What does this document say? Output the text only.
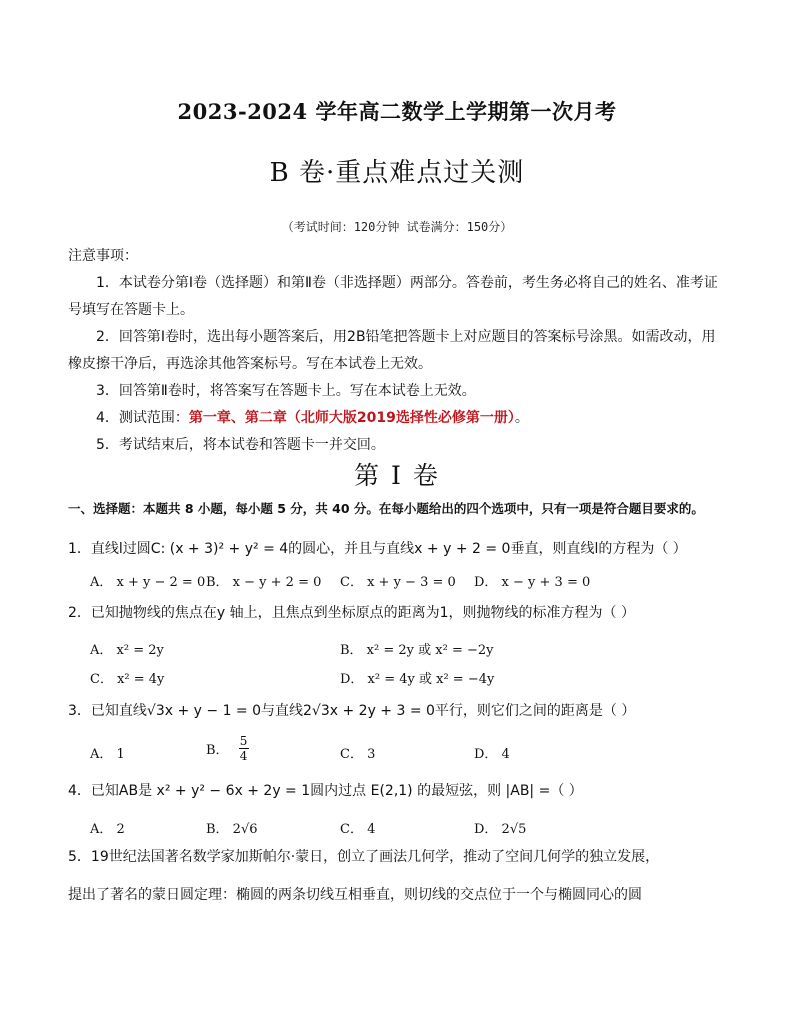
2023-2024 学年高二数学上学期第一次月考
B 卷·重点难点过关测
（考试时间：120分钟 试卷满分：150分）
注意事项：
1．本试卷分第Ⅰ卷（选择题）和第Ⅱ卷（非选择题）两部分。答卷前，考生务必将自己的姓名、准考证号填写在答题卡上。
2．回答第Ⅰ卷时，选出每小题答案后，用2B铅笔把答题卡上对应题目的答案标号涂黑。如需改动，用橡皮擦干净后，再选涂其他答案标号。写在本试卷上无效。
3．回答第Ⅱ卷时，将答案写在答题卡上。写在本试卷上无效。
4．测试范围：第一章、第二章（北师大版2019选择性必修第一册）。
5．考试结束后，将本试卷和答题卡一并交回。
第 I 卷
一、选择题：本题共 8 小题，每小题 5 分，共 40 分。在每小题给出的四个选项中，只有一项是符合题目要求的。
1．直线l过圆C: (x + 3)² + y² = 4的圆心，并且与直线x + y + 2 = 0垂直，则直线l的方程为（ ）
A． x + y − 2 = 0 B． x − y + 2 = 0 C． x + y − 3 = 0 D． x − y + 3 = 0
2．已知抛物线的焦点在y 轴上，且焦点到坐标原点的距离为1，则抛物线的标准方程为（ ）
A． x² = 2y	B． x² = 2y 或 x² = −2y
C． x² = 4y	D． x² = 4y 或 x² = −4y
3．已知直线√3x + y − 1 = 0与直线2√3x + 2y + 3 = 0平行，则它们之间的距离是（ ）
A． 1	B． $\frac{5}{4}$	C． 3	D． 4
4．已知AB是 x² + y² − 6x + 2y = 1圆内过点 E(2,1) 的最短弦，则 |AB| =（ ）
A． 2	B． 2√6	C． 4	D． 2√5
5．19世纪法国著名数学家加斯帕尔·蒙日，创立了画法几何学，推动了空间几何学的独立发展，
提出了著名的蒙日圆定理：椭圆的两条切线互相垂直，则切线的交点位于一个与椭圆同心的圆
